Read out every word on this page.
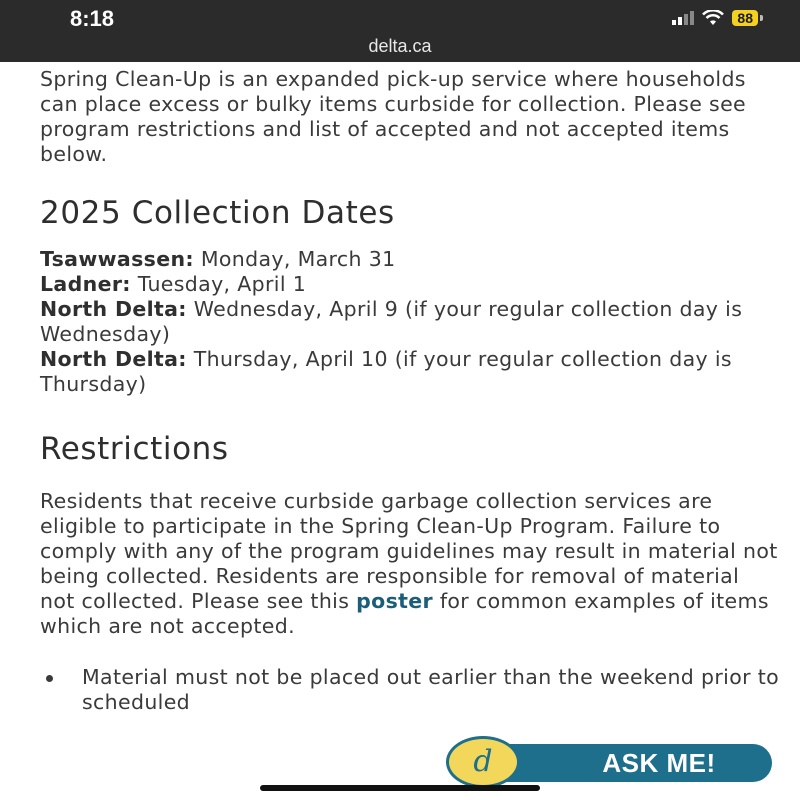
8:18	88
delta.ca

Spring Clean-Up is an expanded pick-up service where households can place excess or bulky items curbside for collection. Please see program restrictions and list of accepted and not accepted items below.

2025 Collection Dates
Tsawwassen: Monday, March 31
Ladner: Tuesday, April 1
North Delta: Wednesday, April 9 (if your regular collection day is Wednesday)
North Delta: Thursday, April 10 (if your regular collection day is Thursday)
Restrictions

Residents that receive curbside garbage collection services are eligible to participate in the Spring Clean-Up Program. Failure to comply with any of the program guidelines may result in material not being collected. Residents are responsible for removal of material not collected. Please see this poster for common examples of items which are not accepted.

Material must not be placed out earlier than the weekend prior to scheduled
ASK ME!
d
